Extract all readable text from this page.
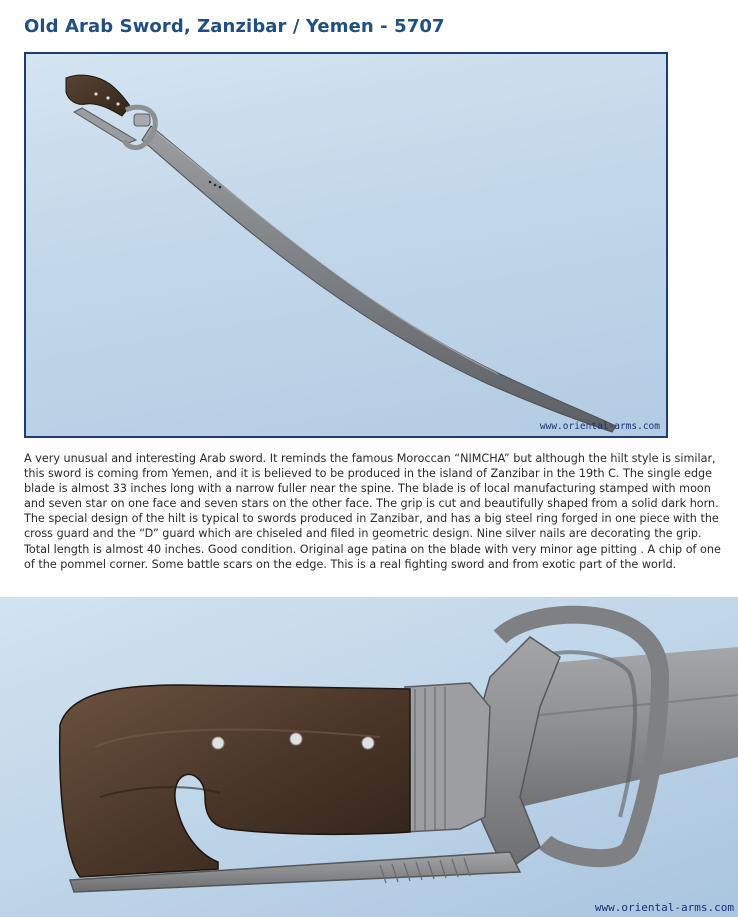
Old Arab Sword, Zanzibar / Yemen - 5707
www.oriental-arms.com

A very unusual and interesting Arab sword. It reminds the famous Moroccan “NIMCHA” but although the hilt style is similar, this sword is coming from Yemen, and it is believed to be produced in the island of Zanzibar in the 19th C. The single edge blade is almost 33 inches long with a narrow fuller near the spine. The blade is of local manufacturing stamped with moon and seven star on one face and seven stars on the other face. The grip is cut and beautifully shaped from a solid dark horn. The special design of the hilt is typical to swords produced in Zanzibar, and has a big steel ring forged in one piece with the cross guard and the “D” guard which are chiseled and filed in geometric design. Nine silver nails are decorating the grip. Total length is almost 40 inches. Good condition. Original age patina on the blade with very minor age pitting . A chip of one of the pommel corner. Some battle scars on the edge. This is a real fighting sword and from exotic part of the world.

www.oriental-arms.com
